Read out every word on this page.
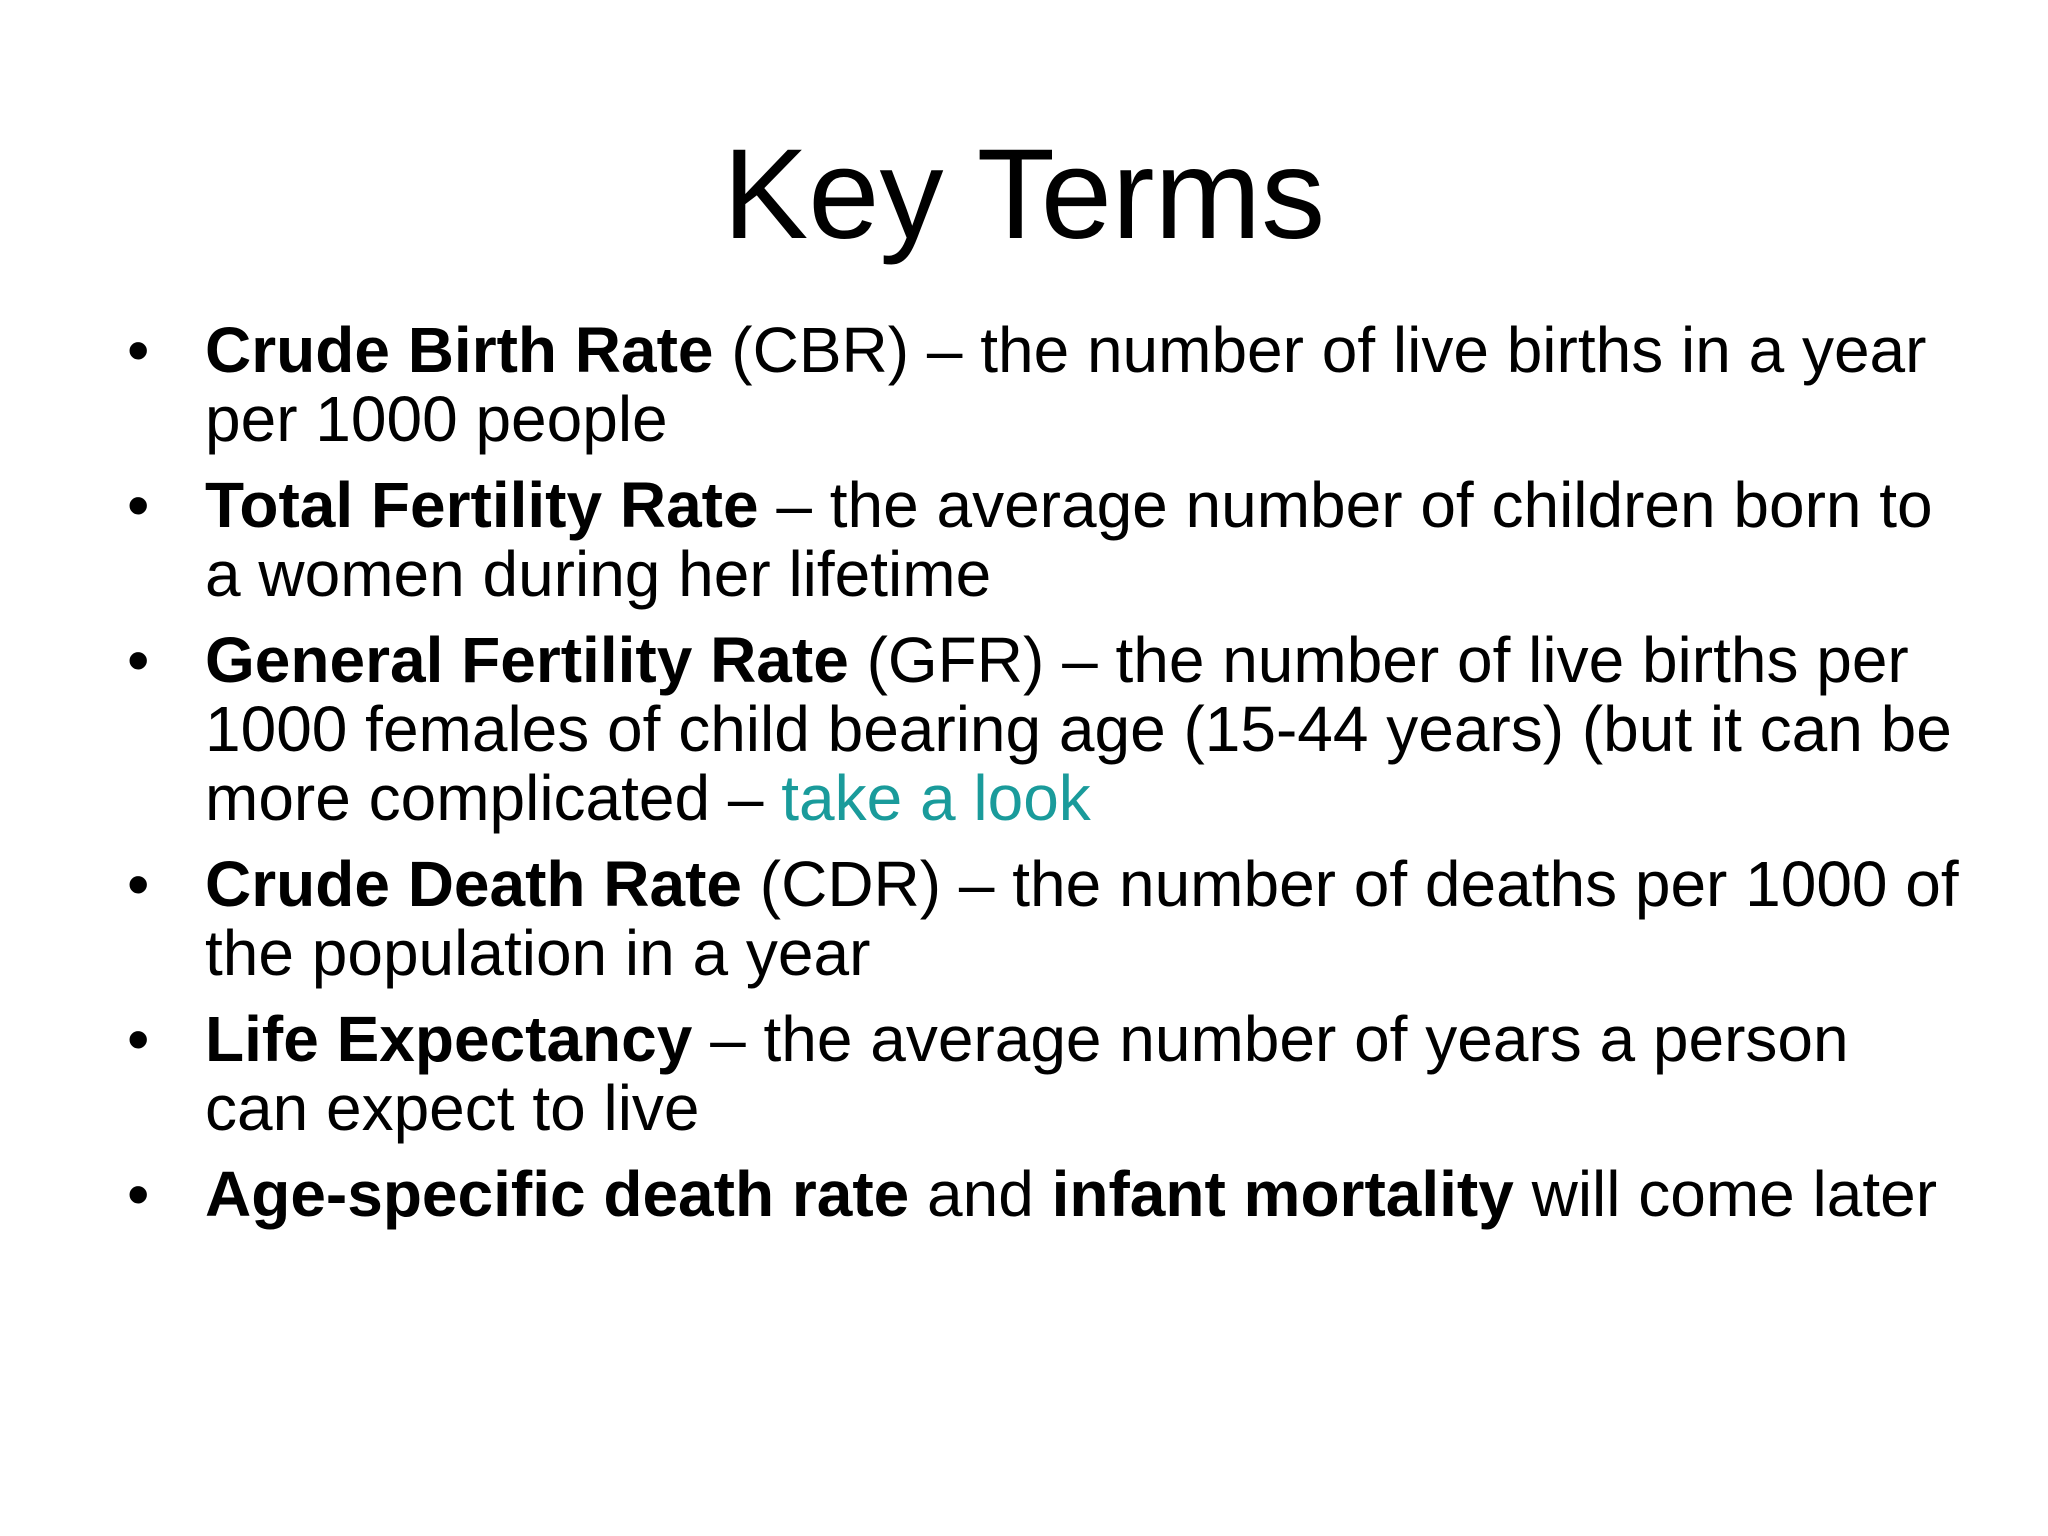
Key Terms
• Crude Birth Rate (CBR) – the number of live births in a year per 1000 people
• Total Fertility Rate – the average number of children born to a women during her lifetime
• General Fertility Rate (GFR) – the number of live births per 1000 females of child bearing age (15-44 years) (but it can be more complicated – take a look
• Crude Death Rate (CDR) – the number of deaths per 1000 of the population in a year
• Life Expectancy – the average number of years a person can expect to live
• Age-specific death rate and infant mortality will come later
